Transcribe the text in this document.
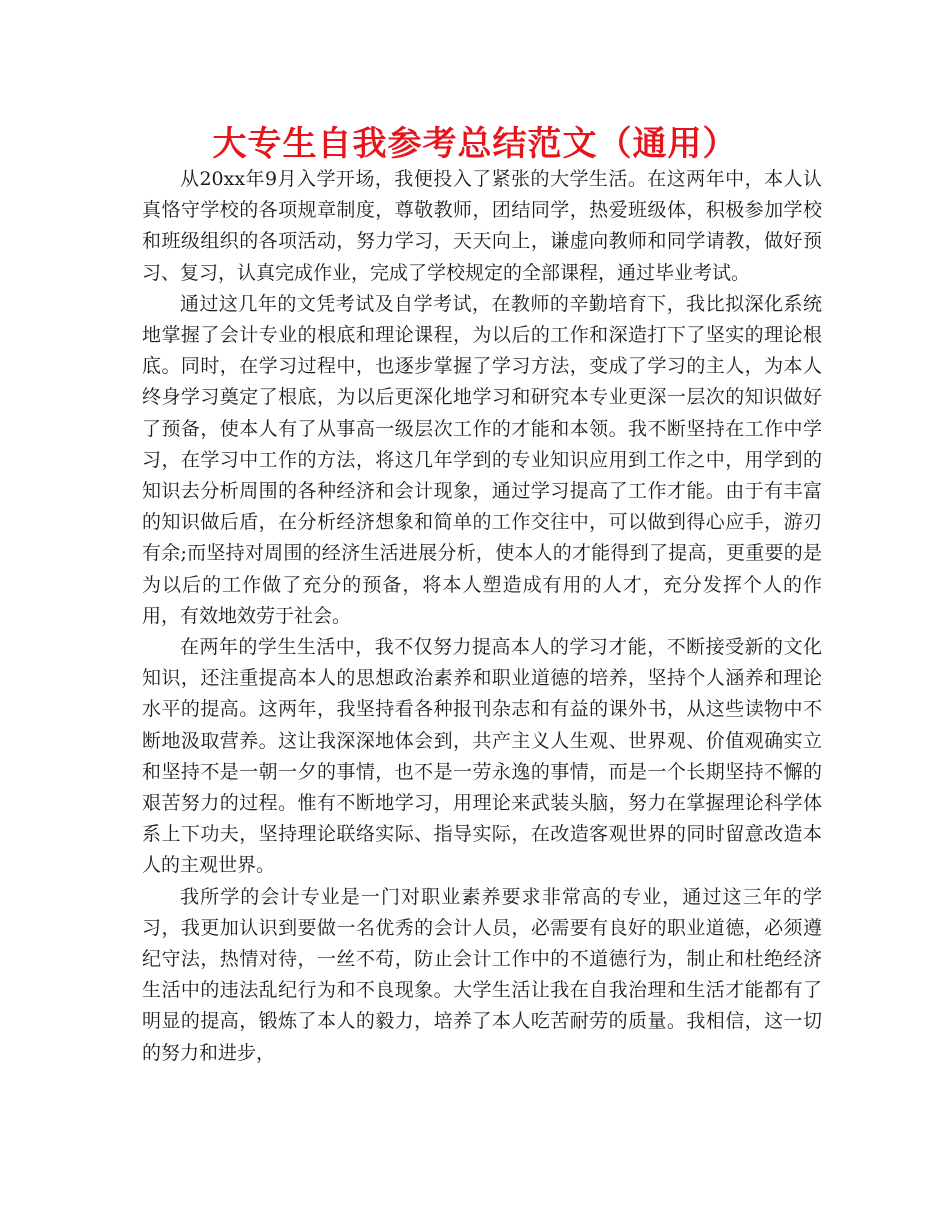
大专生自我参考总结范文（通用）

从20xx年9月入学开场，我便投入了紧张的大学生活。在这两年中，本人认真恪守学校的各项规章制度，尊敬教师，团结同学，热爱班级体，积极参加学校和班级组织的各项活动，努力学习，天天向上，谦虚向教师和同学请教，做好预习、复习，认真完成作业，完成了学校规定的全部课程，通过毕业考试。

通过这几年的文凭考试及自学考试，在教师的辛勤培育下，我比拟深化系统地掌握了会计专业的根底和理论课程，为以后的工作和深造打下了坚实的理论根底。同时，在学习过程中，也逐步掌握了学习方法，变成了学习的主人，为本人终身学习奠定了根底，为以后更深化地学习和研究本专业更深一层次的知识做好了预备，使本人有了从事高一级层次工作的才能和本领。我不断坚持在工作中学习，在学习中工作的方法，将这几年学到的专业知识应用到工作之中，用学到的知识去分析周围的各种经济和会计现象，通过学习提高了工作才能。由于有丰富的知识做后盾，在分析经济想象和简单的工作交往中，可以做到得心应手，游刃有余;而坚持对周围的经济生活进展分析，使本人的才能得到了提高，更重要的是为以后的工作做了充分的预备，将本人塑造成有用的人才，充分发挥个人的作用，有效地效劳于社会。

在两年的学生生活中，我不仅努力提高本人的学习才能，不断接受新的文化知识，还注重提高本人的思想政治素养和职业道德的培养，坚持个人涵养和理论水平的提高。这两年，我坚持看各种报刊杂志和有益的课外书，从这些读物中不断地汲取营养。这让我深深地体会到，共产主义人生观、世界观、价值观确实立和坚持不是一朝一夕的事情，也不是一劳永逸的事情，而是一个长期坚持不懈的艰苦努力的过程。惟有不断地学习，用理论来武装头脑，努力在掌握理论科学体系上下功夫，坚持理论联络实际、指导实际，在改造客观世界的同时留意改造本人的主观世界。

我所学的会计专业是一门对职业素养要求非常高的专业，通过这三年的学习，我更加认识到要做一名优秀的会计人员，必需要有良好的职业道德，必须遵纪守法，热情对待，一丝不苟，防止会计工作中的不道德行为，制止和杜绝经济生活中的违法乱纪行为和不良现象。大学生活让我在自我治理和生活才能都有了明显的提高，锻炼了本人的毅力，培养了本人吃苦耐劳的质量。我相信，这一切的努力和进步，
